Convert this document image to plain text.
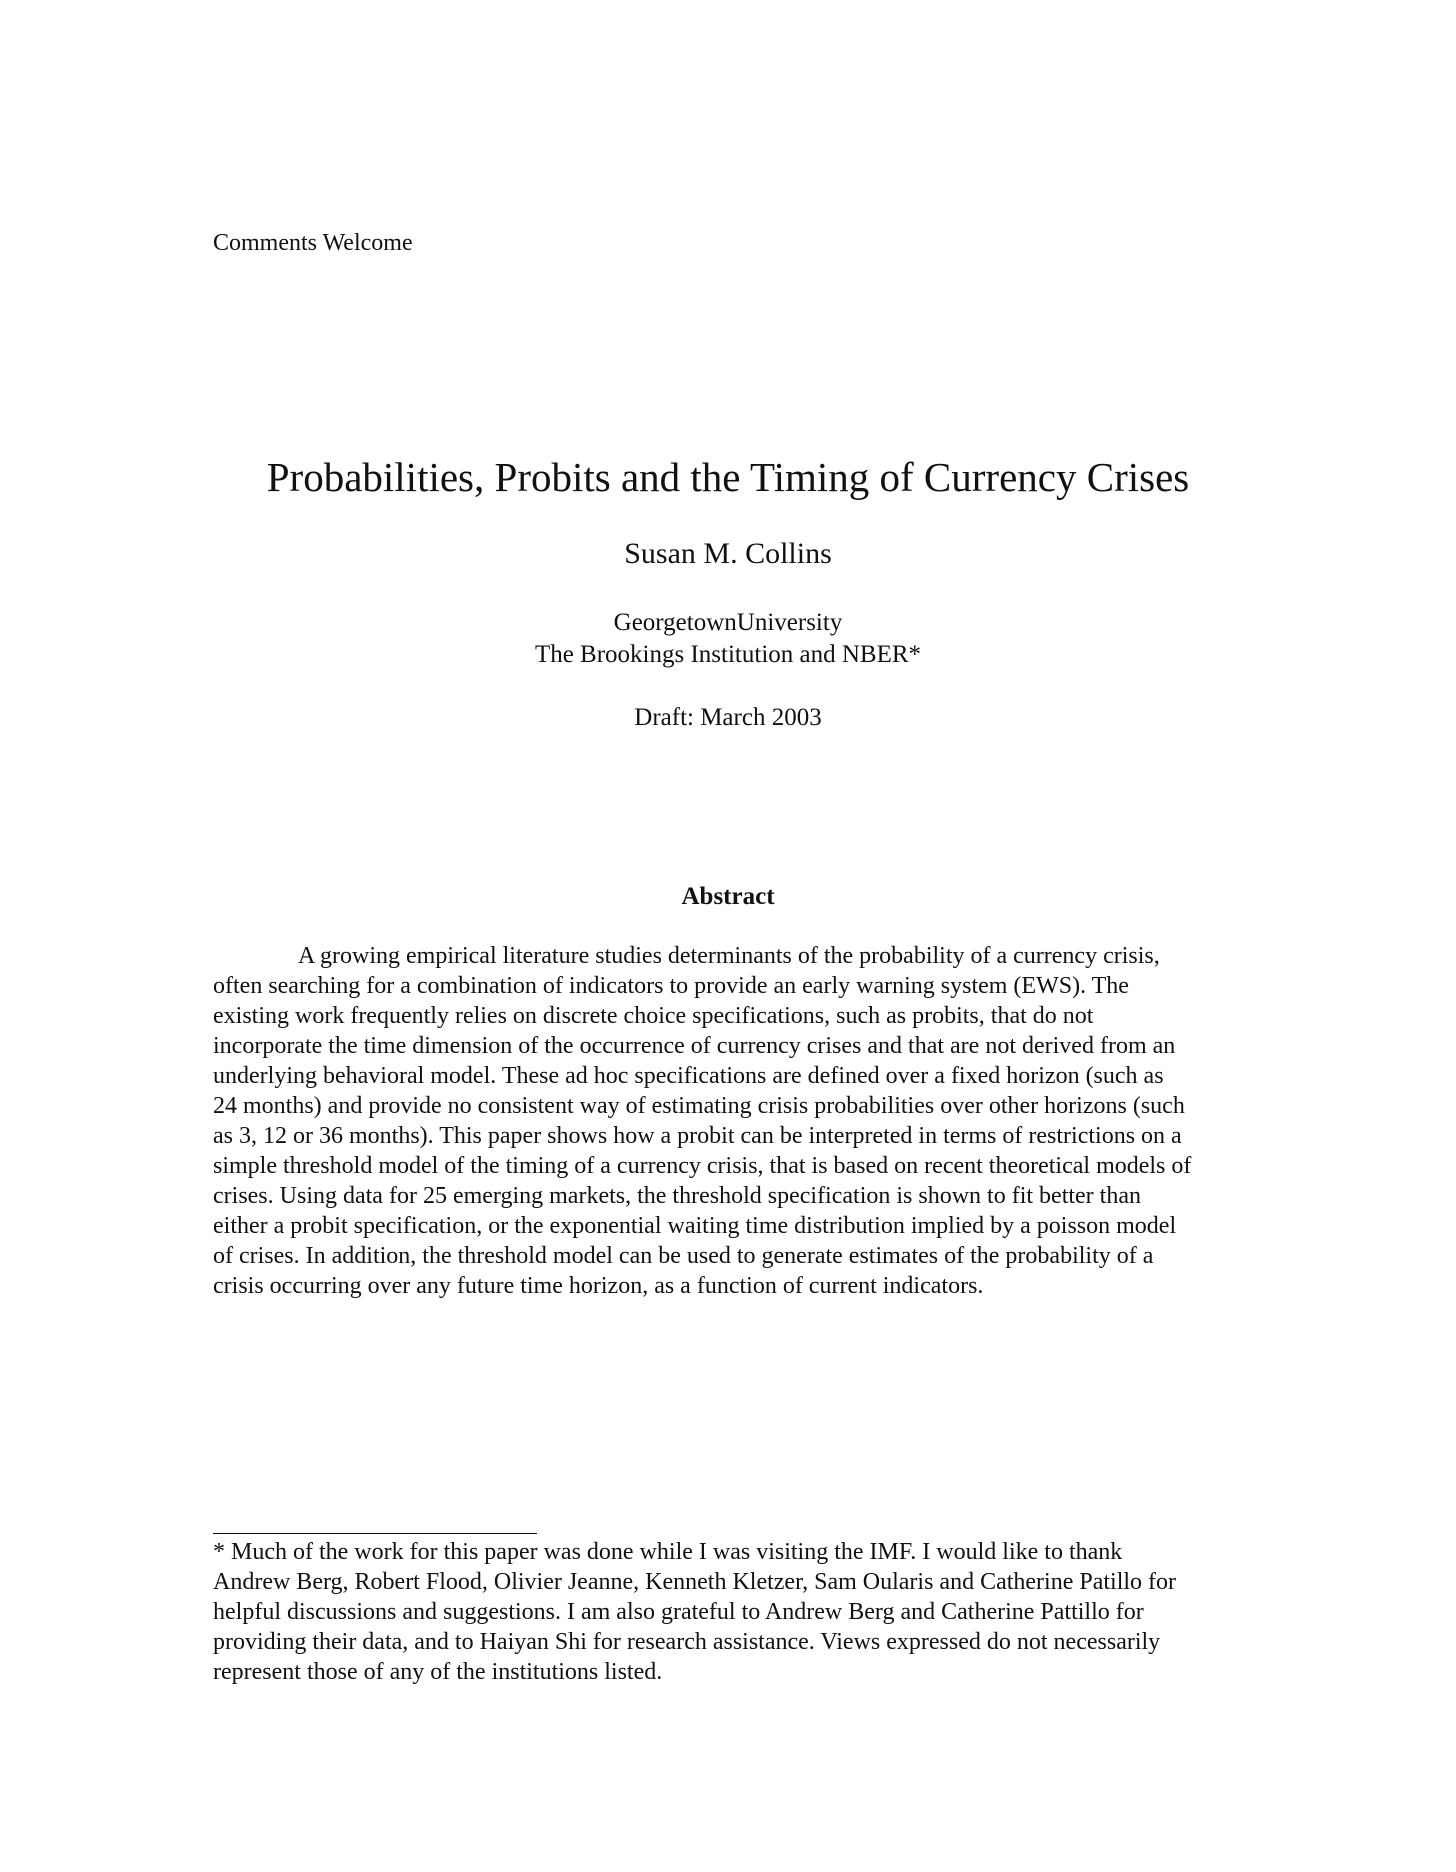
Comments Welcome
Probabilities, Probits and the Timing of Currency Crises
Susan M. Collins
GeorgetownUniversity
The Brookings Institution and NBER*
Draft: March 2003
Abstract
A growing empirical literature studies determinants of the probability of a currency crisis,
often searching for a combination of indicators to provide an early warning system (EWS). The
existing work frequently relies on discrete choice specifications, such as probits, that do not
incorporate the time dimension of the occurrence of currency crises and that are not derived from an
underlying behavioral model. These ad hoc specifications are defined over a fixed horizon (such as
24 months) and provide no consistent way of estimating crisis probabilities over other horizons (such
as 3, 12 or 36 months). This paper shows how a probit can be interpreted in terms of restrictions on a
simple threshold model of the timing of a currency crisis, that is based on recent theoretical models of
crises. Using data for 25 emerging markets, the threshold specification is shown to fit better than
either a probit specification, or the exponential waiting time distribution implied by a poisson model
of crises. In addition, the threshold model can be used to generate estimates of the probability of a
crisis occurring over any future time horizon, as a function of current indicators.
* Much of the work for this paper was done while I was visiting the IMF. I would like to thank
Andrew Berg, Robert Flood, Olivier Jeanne, Kenneth Kletzer, Sam Oularis and Catherine Patillo for
helpful discussions and suggestions. I am also grateful to Andrew Berg and Catherine Pattillo for
providing their data, and to Haiyan Shi for research assistance. Views expressed do not necessarily
represent those of any of the institutions listed.
